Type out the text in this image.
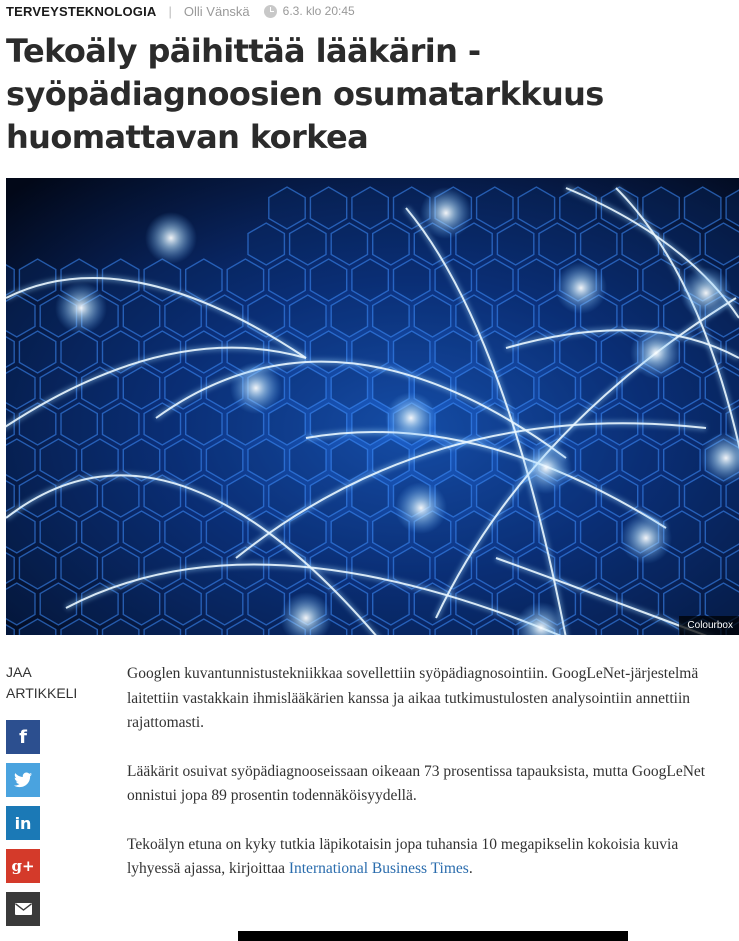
TERVEYSTEKNOLOGIA | Olli Vänskä	6.3. klo 20:45
Tekoäly päihittää lääkärin - syöpädiagnoosien osumatarkkuus huomattavan korkea
Colourbox
JAA
ARTIKKELI
f
in
g+

Googlen kuvantunnistustekniikkaa sovellettiin syöpädiagnosointiin. GoogLeNet-järjestelmä laitettiin vastakkain ihmislääkärien kanssa ja aikaa tutkimustulosten analysointiin annettiin rajattomasti.

Lääkärit osuivat syöpädiagnooseissaan oikeaan 73 prosentissa tapauksista, mutta GoogLeNet onnistui jopa 89 prosentin todennäköisyydellä.

Tekoälyn etuna on kyky tutkia läpikotaisin jopa tuhansia 10 megapikselin kokoisia kuvia lyhyessä ajassa, kirjoittaa International Business Times.
